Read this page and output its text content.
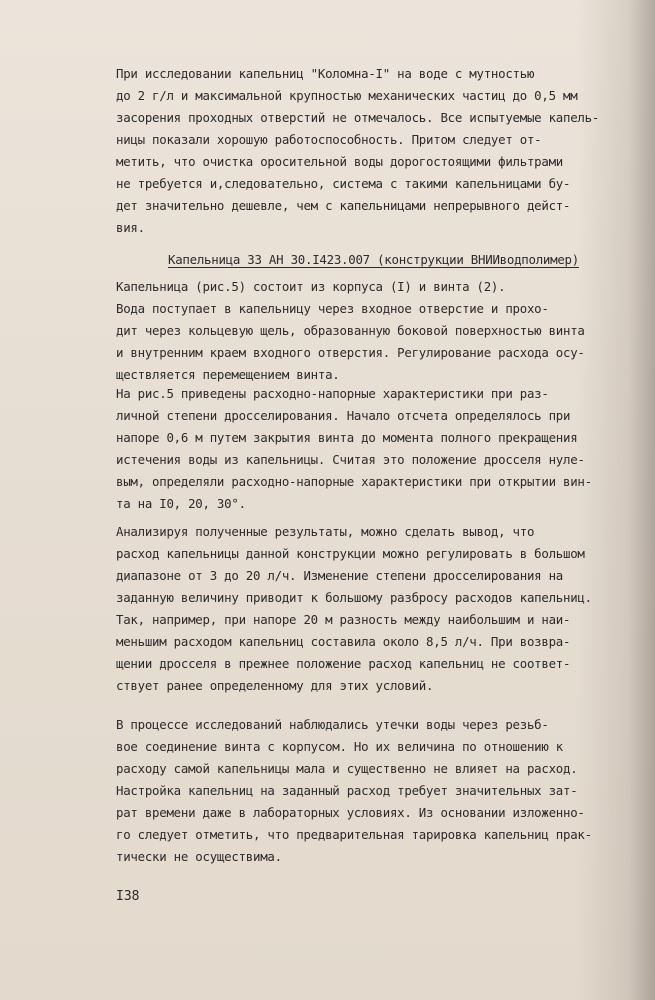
При исследовании капельниц "Коломна-I" на воде с мутностью
до 2 г/л и максимальной крупностью механических частиц до 0,5 мм
засорения проходных отверстий не отмечалось. Все испытуемые капель-
ницы показали хорошую работоспособность. Притом следует от-
метить, что очистка оросительной воды дорогостоящими фильтрами
не требуется и,следовательно, система с такими капельницами бу-
дет значительно дешевле, чем с капельницами непрерывного дейст-
вия.
Капельница 33 АН 30.I423.007 (конструкции ВНИИводполимер)
Капельница (рис.5) состоит из корпуса (I) и винта (2).
Вода поступает в капельницу через входное отверстие и прохо-
дит через кольцевую щель, образованную боковой поверхностью винта
и внутренним краем входного отверстия. Регулирование расхода осу-
ществляется перемещением винта.
На рис.5 приведены расходно-напорные характеристики при раз-
личной степени дросселирования. Начало отсчета определялось при
напоре 0,6 м путем закрытия винта до момента полного прекращения
истечения воды из капельницы. Считая это положение дросселя нуле-
вым, определяли расходно-напорные характеристики при открытии вин-
та на I0, 20, 30°.
Анализируя полученные результаты, можно сделать вывод, что
расход капельницы данной конструкции можно регулировать в большом
диапазоне от 3 до 20 л/ч. Изменение степени дросселирования на
заданную величину приводит к большому разбросу расходов капельниц.
Так, например, при напоре 20 м разность между наибольшим и наи-
меньшим расходом капельниц составила около 8,5 л/ч. При возвра-
щении дросселя в прежнее положение расход капельниц не соответ-
ствует ранее определенному для этих условий.
В процессе исследований наблюдались утечки воды через резьб-
вое соединение винта с корпусом. Но их величина по отношению к
расходу самой капельницы мала и существенно не влияет на расход.
Настройка капельниц на заданный расход требует значительных зат-
рат времени даже в лабораторных условиях. Из основании изложенно-
го следует отметить, что предварительная тарировка капельниц прак-
тически не осуществима.
I38
